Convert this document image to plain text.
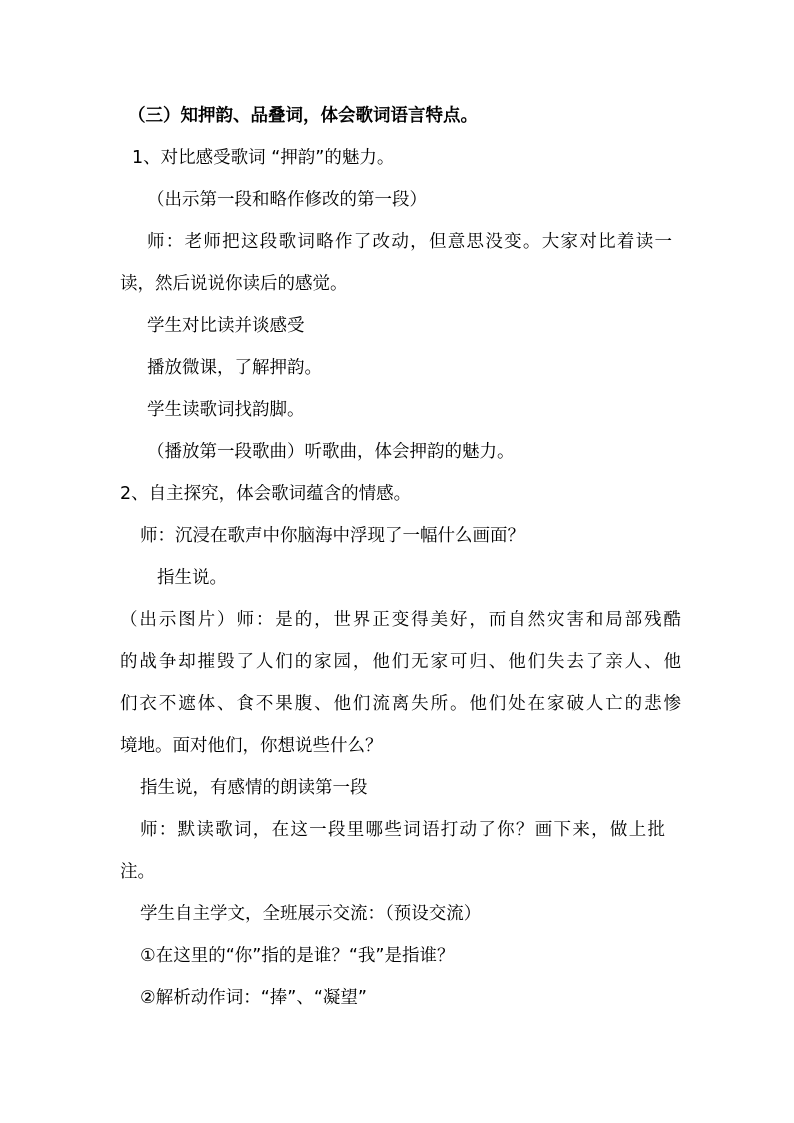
（三）知押韵、品叠词，体会歌词语言特点。
1、对比感受歌词 “押韵”的魅力。
（出示第一段和略作修改的第一段）
师：老师把这段歌词略作了改动，但意思没变。大家对比着读一
读，然后说说你读后的感觉。
学生对比读并谈感受
播放微课，了解押韵。
学生读歌词找韵脚。
（播放第一段歌曲）听歌曲，体会押韵的魅力。
2、自主探究，体会歌词蕴含的情感。
师：沉浸在歌声中你脑海中浮现了一幅什么画面？
指生说。
（出示图片）师：是的，世界正变得美好，而自然灾害和局部残酷
的战争却摧毁了人们的家园，他们无家可归、他们失去了亲人、他
们衣不遮体、食不果腹、他们流离失所。他们处在家破人亡的悲惨
境地。面对他们，你想说些什么？
指生说，有感情的朗读第一段
师：默读歌词，在这一段里哪些词语打动了你？画下来，做上批
注。
学生自主学文，全班展示交流：（预设交流）
①在这里的“你”指的是谁？“我”是指谁？
②解析动作词：“捧”、“凝望”
